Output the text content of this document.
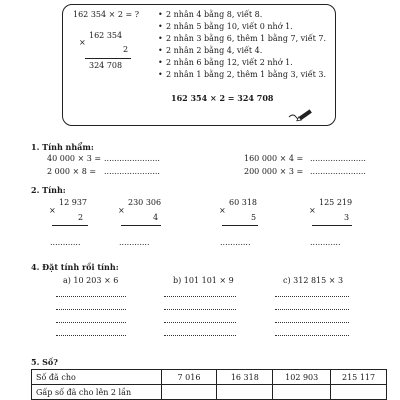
162 354 × 2 = ?
162 354
×
2
324 708
• 2 nhân 4 bằng 8, viết 8.
• 2 nhân 5 bằng 10, viết 0 nhớ 1.
• 2 nhân 3 bằng 6, thêm 1 bằng 7, viết 7.
• 2 nhân 2 bằng 4, viết 4.
• 2 nhân 6 bằng 12, viết 2 nhớ 1.
• 2 nhân 1 bằng 2, thêm 1 bằng 3, viết 3.
162 354 × 2 = 324 708
1. Tính nhẩm:
40 000 × 3 = ......................	160 000 × 4 = ......................
2 000 × 8 = ......................	200 000 × 3 = ......................
2. Tính:
12 937
×
2
............
230 306
×
4
............
60 318
×
5
............
125 219
×
3
............
4. Đặt tính rồi tính:
a) 10 203 × 6	b) 101 101 × 9	c) 312 815 × 3
5. Số?
Số đã cho	7 016	16 318	102 903	215 117
Gấp số đã cho lên 2 lần				
